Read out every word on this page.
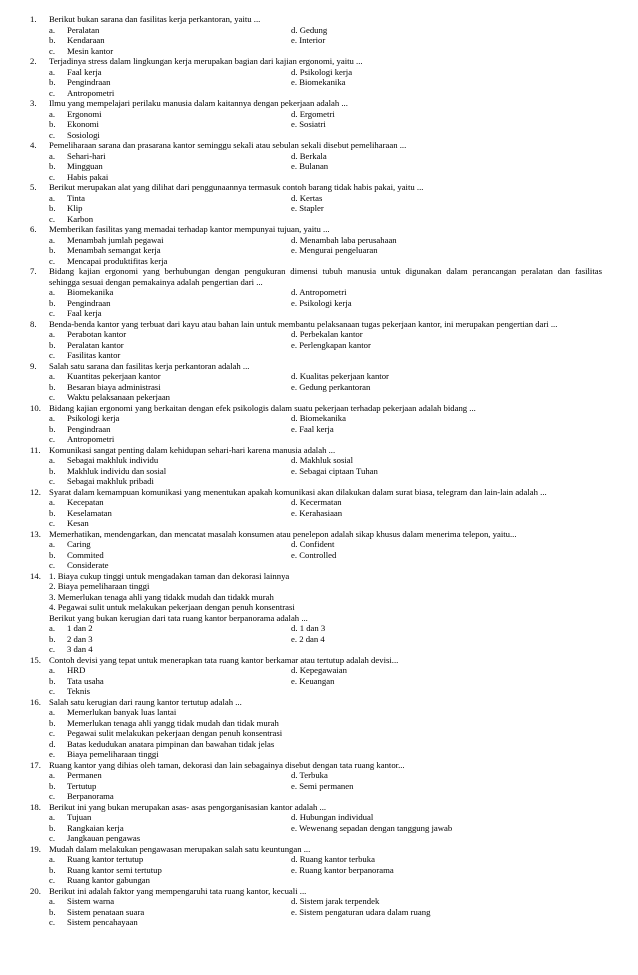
1. Berikut bukan sarana dan fasilitas kerja perkantoran, yaitu ...
a. Peralatan	d. Gedung
b. Kendaraan	e. Interior
c. Mesin kantor
2. Terjadinya stress dalam lingkungan kerja merupakan bagian dari kajian ergonomi, yaitu ...
a. Faal kerja	d. Psikologi kerja
b. Pengindraan	e. Biomekanika
c. Antropometri
3. Ilmu yang mempelajari perilaku manusia dalam kaitannya dengan pekerjaan adalah ...
a. Ergonomi	d. Ergometri
b. Ekonomi	e. Sosiatri
c. Sosiologi
4. Pemeliharaan sarana dan prasarana kantor seminggu sekali atau sebulan sekali disebut pemeliharaan ...
a. Sehari-hari	d. Berkala
b. Mingguan	e. Bulanan
c. Habis pakai
5. Berikut merupakan alat yang dilihat dari penggunaannya termasuk contoh barang tidak habis pakai, yaitu ...
a. Tinta	d. Kertas
b. Klip	e. Stapler
c. Karbon
6. Memberikan fasilitas yang memadai terhadap kantor mempunyai tujuan, yaitu ...
a. Menambah jumlah pegawai	d. Menambah laba perusahaan
b. Menambah semangat kerja	e. Mengurai pengeluaran
c. Mencapai produktifitas kerja
7. Bidang kajian ergonomi yang berhubungan dengan pengukuran dimensi tubuh manusia untuk digunakan dalam perancangan peralatan dan fasilitas
sehingga sesuai dengan pemakainya adalah pengertian dari ...
a. Biomekanika	d. Antropometri
b. Pengindraan	e. Psikologi kerja
c. Faal kerja
8. Benda-benda kantor yang terbuat dari kayu atau bahan lain untuk membantu pelaksanaan tugas pekerjaan kantor, ini merupakan pengertian dari ...
a. Perabotan kantor	d. Perbekalan kantor
b. Peralatan kantor	e. Perlengkapan kantor
c. Fasilitas kantor
9. Salah satu sarana dan fasilitas kerja perkantoran adalah ...
a. Kuantitas pekerjaan kantor	d. Kualitas pekerjaan kantor
b. Besaran biaya administrasi	e. Gedung perkantoran
c. Waktu pelaksanaan pekerjaan
10. Bidang kajian ergonomi yang berkaitan dengan efek psikologis dalam suatu pekerjaan terhadap pekerjaan adalah bidang ...
a. Psikologi kerja	d. Biomekanika
b. Pengindraan	e. Faal kerja
c. Antropometri
11. Komunikasi sangat penting dalam kehidupan sehari-hari karena manusia adalah ...
a. Sebagai makhluk individu	d. Makhluk sosial
b. Makhluk individu dan sosial	e. Sebagai ciptaan Tuhan
c. Sebagai makhluk pribadi
12. Syarat dalam kemampuan komunikasi yang menentukan apakah komunikasi akan dilakukan dalam surat biasa, telegram dan lain-lain adalah ...
a. Kecepatan	d. Kecermatan
b. Keselamatan	e. Kerahasiaan
c. Kesan
13. Memerhatikan, mendengarkan, dan mencatat masalah konsumen atau penelepon adalah sikap khusus dalam menerima telepon, yaitu...
a. Caring	d. Confident
b. Commited	e. Controlled
c. Considerate
14. 1. Biaya cukup tinggi untuk mengadakan taman dan dekorasi lainnya
2. Biaya pemeliharaan tinggi
3. Memerlukan tenaga ahli yang tidakk mudah dan tidakk murah
4. Pegawai sulit untuk melakukan pekerjaan dengan penuh konsentrasi
Berikut yang bukan kerugian dari tata ruang kantor berpanorama adalah ...
a. 1 dan 2	d. 1 dan 3
b. 2 dan 3	e. 2 dan 4
c. 3 dan 4
15. Contoh devisi yang tepat untuk menerapkan tata ruang kantor berkamar atau tertutup adalah devisi...
a. HRD	d. Kepegawaian
b. Tata usaha	e. Keuangan
c. Teknis
16. Salah satu kerugian dari raung kantor tertutup adalah ...
a. Memerlukan banyak luas lantai
b. Memerlukan tenaga ahli yangg tidak mudah dan tidak murah
c. Pegawai sulit melakukan pekerjaan dengan penuh konsentrasi
d. Batas kedudukan anatara pimpinan dan bawahan tidak jelas
e. Biaya pemeliharaan tinggi
17. Ruang kantor yang dihias oleh taman, dekorasi dan lain sebagainya disebut dengan tata ruang kantor...
a. Permanen	d. Terbuka
b. Tertutup	e. Semi permanen
c. Berpanorama
18. Berikut ini yang bukan merupakan asas- asas pengorganisasian kantor adalah ...
a. Tujuan	d. Hubungan individual
b. Rangkaian kerja	e. Wewenang sepadan dengan tanggung jawab
c. Jangkauan pengawas
19. Mudah dalam melakukan pengawasan merupakan salah satu keuntungan ...
a. Ruang kantor tertutup	d. Ruang kantor terbuka
b. Ruang kantor semi tertutup	e. Ruang kantor berpanorama
c. Ruang kantor gabungan
20. Berikut ini adalah faktor yang mempengaruhi tata ruang kantor, kecuali ...
a. Sistem warna	d. Sistem jarak terpendek
b. Sistem penataan suara	e. Sistem pengaturan udara dalam ruang
c. Sistem pencahayaan
